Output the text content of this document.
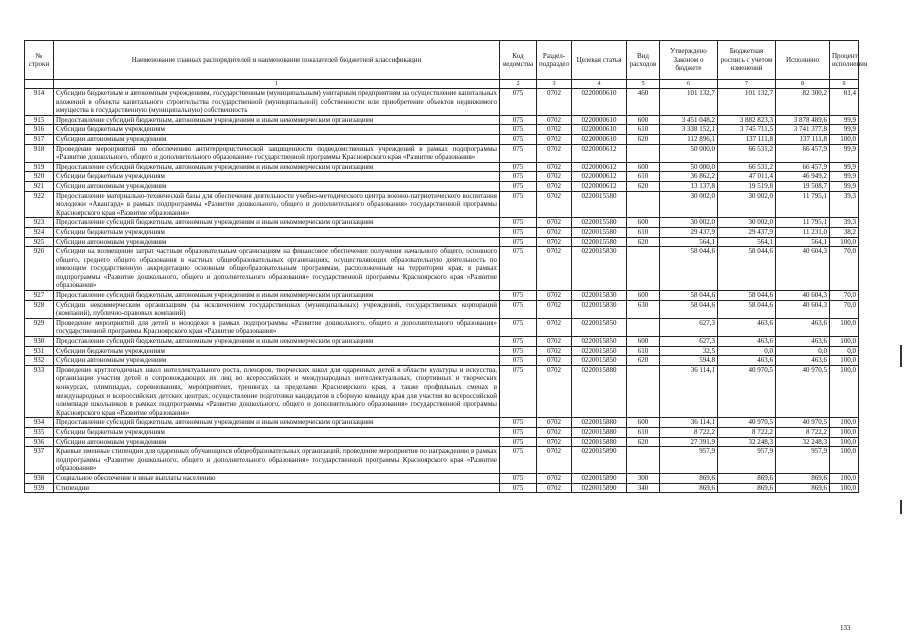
№ строки	Наименование главных распорядителей и наименование показателей бюджетной классификации	Код ведомства	Раздел-подраздел	Целевая статья	Вид расходов	Утверждено Законом о бюджете	Бюджетная роспись с учетом изменений	Исполнено	Процент исполнения
	1	2	3	4	5	6	7	8	9
914	Субсидии бюджетным и автономным учреждениям, государственным (муниципальным) унитарным предприятиям на осуществление капитальных вложений в объекты капитального строительства государственной (муниципальной) собственности или приобретение объектов недвижимого имущества в государственную (муниципальную) собственность	075	0702	0220000610	460	101 132,7	101 132,7	82 300,2	81,4
915	Предоставление субсидий бюджетным, автономным учреждениям и иным некоммерческим организациям	075	0702	0220000610	600	3 451 048,2	3 882 823,3	3 878 489,6	99,9
916	Субсидии бюджетным учреждениям	075	0702	0220000610	610	3 338 152,1	3 745 711,5	3 741 377,8	99,9
917	Субсидии автономным учреждениям	075	0702	0220000610	620	112 896,1	137 111,8	137 111,8	100,0
918	Проведение мероприятий по обеспечению антитеррористической защищенности подведомственных учреждений в рамках подпрограммы «Развитие дошкольного, общего и дополнительного образования» государственной программы Красноярского края «Развитие образования»	075	0702	0220000612		50 000,0	66 531,2	66 457,9	99,9
919	Предоставление субсидий бюджетным, автономным учреждениям и иным некоммерческим организациям	075	0702	0220000612	600	50 000,0	66 531,2	66 457,9	99,9
920	Субсидии бюджетным учреждениям	075	0702	0220000612	610	36 862,2	47 011,4	46 949,2	99,9
921	Субсидии автономным учреждениям	075	0702	0220000612	620	13 137,8	19 519,8	19 508,7	99,9
922	Предоставление материально-технической базы для обеспечения деятельности учебно-методического центра военно-патриотического воспитания молодежи «Авангард» в рамках подпрограммы «Развитие дошкольного, общего и дополнительного образования» государственной программы Красноярского края «Развитие образования»	075	0702	0220015580		30 002,0	30 002,0	11 795,1	39,3
923	Предоставление субсидий бюджетным, автономным учреждениям и иным некоммерческим организациям	075	0702	0220015580	600	30 002,0	30 002,0	11 795,1	39,3
924	Субсидии бюджетным учреждениям	075	0702	0220015580	610	29 437,9	29 437,9	11 231,0	38,2
925	Субсидии автономным учреждениям	075	0702	0220015580	620	564,1	564,1	564,1	100,0
926	Субсидии на возмещение затрат частным образовательным организациям на финансовое обеспечение получения начального общего, основного общего, среднего общего образования в частных общеобразовательных организациях, осуществляющих образовательную деятельность по имеющим государственную аккредитацию основным общеобразовательным программам, расположенным на территории края, в рамках подпрограммы «Развитие дошкольного, общего и дополнительного образования» государственной программы Красноярского края «Развитие образования»	075	0702	0220015830		58 044,6	58 044,6	40 604,3	70,0
927	Предоставление субсидий бюджетным, автономным учреждениям и иным некоммерческим организациям	075	0702	0220015830	600	58 044,6	58 044,6	40 604,3	70,0
928	Субсидии некоммерческим организациям (за исключением государственных (муниципальных) учреждений, государственных корпораций (компаний), публично-правовых компаний)	075	0702	0220015830	630	58 044,6	58 044,6	40 604,3	70,0
929	Проведение мероприятий для детей и молодежи в рамках подпрограммы «Развитие дошкольного, общего и дополнительного образования» государственной программы Красноярского края «Развитие образования»	075	0702	0220015850		627,3	463,6	463,6	100,0
930	Предоставление субсидий бюджетным, автономным учреждениям и иным некоммерческим организациям	075	0702	0220015850	600	627,3	463,6	463,6	100,0
931	Субсидии бюджетным учреждениям	075	0702	0220015850	610	32,5	0,0	0,0	0,0
932	Субсидии автономным учреждениям	075	0702	0220015850	620	594,8	463,6	463,6	100,0
933	Проведение круглогодичных школ интеллектуального роста, пленэров, творческих школ для одаренных детей в области культуры и искусства, организация участия детей в сопровождающих их лиц во всероссийских и международных интеллектуальных, спортивных и творческих конкурсах, олимпиадах, соревнованиях, мероприятиях, тренингах за пределами Красноярского края, а также профильных сменах в международных и всероссийских детских центрах, осуществление подготовки кандидатов в сборную команду края для участия во всероссийской олимпиаде школьников в рамках подпрограммы «Развитие дошкольного, общего и дополнительного образования» государственной программы Красноярского края «Развитие образования»	075	0702	0220015880		36 114,1	40 970,5	40 970,5	100,0
934	Предоставление субсидий бюджетным, автономным учреждениям и иным некоммерческим организациям	075	0702	0220015880	600	36 114,1	40 970,5	40 970,5	100,0
935	Субсидии бюджетным учреждениям	075	0702	0220015880	610	8 722,2	8 722,2	8 722,2	100,0
936	Субсидии автономным учреждениям	075	0702	0220015880	620	27 391,9	32 248,3	32 248,3	100,0
937	Краевые именные стипендии для одаренных обучающихся общеобразовательных организаций, проведение мероприятия по награждению в рамках подпрограммы «Развитие дошкольного, общего и дополнительного образования» государственной программы Красноярского края «Развитие образования»	075	0702	0220015890		957,9	957,9	957,9	100,0
938	Социальное обеспечение и иные выплаты населению	075	0702	0220015890	300	869,6	869,6	869,6	100,0
939	Стипендии	075	0702	0220015890	340	869,6	869,6	869,6	100,0
133
